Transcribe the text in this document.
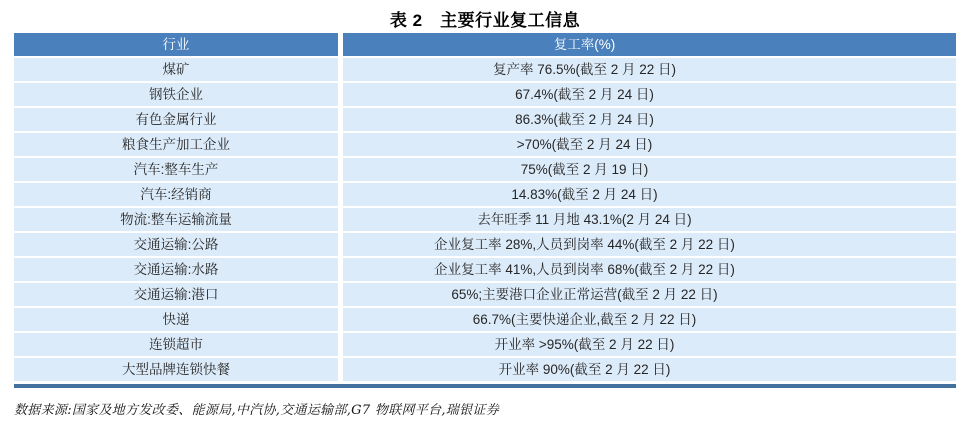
表 2　主要行业复工信息
行业	复工率(%)
煤矿	复产率 76.5%(截至 2 月 22 日)
钢铁企业	67.4%(截至 2 月 24 日)
有色金属行业	86.3%(截至 2 月 24 日)
粮食生产加工企业	>70%(截至 2 月 24 日)
汽车:整车生产	75%(截至 2 月 19 日)
汽车:经销商	14.83%(截至 2 月 24 日)
物流:整车运输流量	去年旺季 11 月地 43.1%(2 月 24 日)
交通运输:公路	企业复工率 28%,人员到岗率 44%(截至 2 月 22 日)
交通运输:水路	企业复工率 41%,人员到岗率 68%(截至 2 月 22 日)
交通运输:港口	65%;主要港口企业正常运营(截至 2 月 22 日)
快递	66.7%(主要快递企业,截至 2 月 22 日)
连锁超市	开业率 >95%(截至 2 月 22 日)
大型品牌连锁快餐	开业率 90%(截至 2 月 22 日)
数据来源:国家及地方发改委、能源局,中汽协,交通运输部,G7 物联网平台,瑞银证券
